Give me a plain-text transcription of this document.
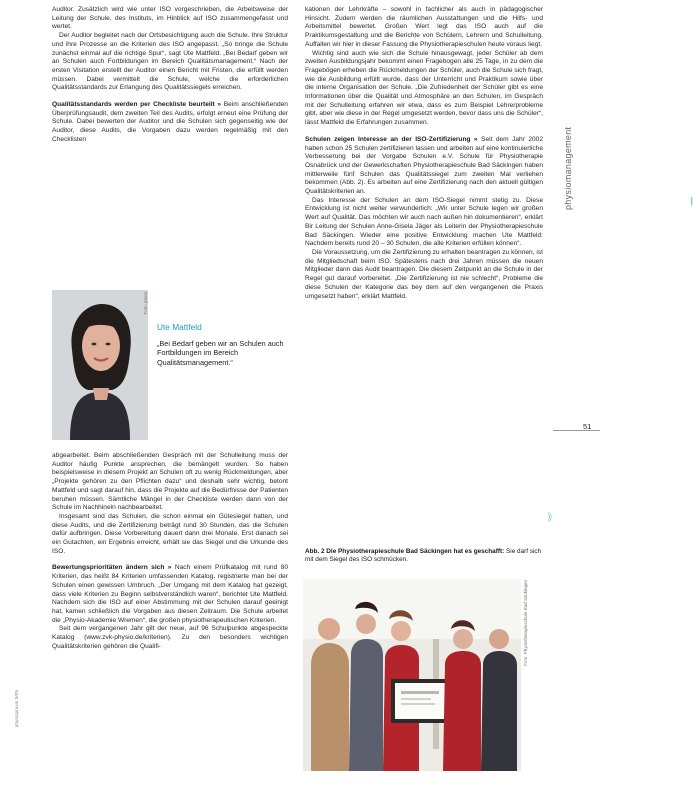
Auditor. Zusätzlich wird wie unter ISO vorgeschrieben, die Arbeitsweise der Leitung der Schule, des Instituts, im Hinblick auf ISO zusammengefasst und wertet.

Der Auditor begleitet nach der Ortsbesichtigung auch die Schule. Ihre Struktur und ihre Prozesse an die Kriterien des ISO angepasst. „So bringe die Schule zunächst einmal auf die richtige Spur“, sagt Ute Mattfeld. „Bei Bedarf geben wir an Schulen auch Fortbildungen im Bereich Qualitätsmanagement.“ Nach der ersten Visitation erstellt der Auditor einen Bericht mit Fristen, die erfüllt werden müssen. Dabei vermittelt die Schule, welche die erforderlichen Qualitätsstandards zur Erlangung des Qualitätssiegels erreichen.

Qualitätsstandards werden per Checkliste beurteilt » Beim anschließenden Überprüfungsaudit, dem zweiten Teil des Audits, erfolgt erneut eine Prüfung der Schule. Dabei bewerten der Auditor und die Schulen sich gegenseitig wie der Auditor, diese Audits, die Vorgaben dazu werden regelmäßig mit den Checklisten

Foto: privat
Ute Mattfeld
„Bei Bedarf geben wir an Schulen auch Fortbildungen im Bereich Qualitätsmanagement.“

abgearbeitet. Beim abschließenden Gespräch mit der Schulleitung muss der Auditor häufig Punkte ansprechen, die bemängelt wurden. So haben beispielsweise in diesem Projekt an Schulen oft zu wenig Rückmeldungen, aber „Projekte gehören zu den Pflichten dazu“ und deshalb sehr wichtig, betont Mattfeld und sagt darauf hin, dass die Projekte auf die Bedürfnisse der Patienten beruhen müssen. Sämtliche Mängel in der Checkliste werden dann von der Schule im Nachhinein nachbearbeitet.

Insgesamt sind das Schulen, die schon einmal ein Gütesiegel hatten, und diese Audits, und die Zertifizierung beträgt rund 30 Stunden, das die Schulen dafür aufbringen. Diese Vorbereitung dauert dann drei Monate. Erst danach sei ein Gutachten, ein Ergebnis erreicht, erhält sie das Siegel und die Urkunde des ISO.

Bewertungsprioritäten ändern sich » Nach einem Prüfkatalog mit rund 80 Kriterien, das heißt 84 Kriterien umfassenden Katalog, registrierte man bei der Schulen einen gewissen Umbruch. „Der Umgang mit dem Katalog hat gezeigt, dass viele Kriterien zu Beginn selbstverständlich waren“, berichtet Ute Mattfeld. Nachdem sich die ISO auf einer Abstimmung mit der Schulen darauf geeinigt hat, kamen schließlich die Vorgaben aus diesen Zeitraum. Die Schule arbeitet die „Physio-Akademie Wremen“, die großen physiotherapeutischen Kriterien.

Seit dem vergangenen Jahr gilt der neue, auf 96 Schulpunkte abgespeckte Katalog (www.zvk-physio.de/kriterien). Zu den besonders wichtigen Qualitätskriterien gehören die Qualifi-

kationen der Lehrkräfte – sowohl in fachlicher als auch in pädagogischer Hinsicht. Zudem werden die räumlichen Ausstattungen und die Hilfs- und Arbeitsmittel bewertet. Großen Wert legt das ISO auch auf die Praktikumsgestaltung und die Berichte von Schülern, Lehrern und Schulleitung. Auffallen wir hier in dieser Fassung die Physiotherapieschulen heute voraus liegt.

Wichtig sind auch wie sich die Schule hinausgewagt, jeder Schüler ab dem zweiten Ausbildungsjahr bekommt einen Fragebogen alle 25 Tage, in zu dem die Fragebögen erheben die Rückmeldungen der Schüler, auch die Schule sich fragt, wie die Ausbildung erfüllt wurde, dass der Unterricht und Praktikum sowie über die interne Organisation der Schule. „Die Zufriedenheit der Schüler gibt es eine Informationen über die Qualität und Atmosphäre an den Schulen, im Gespräch mit der Schulleitung erfahren wir etwa, dass es zum Beispiel Lehrerprobleme gibt, aber wie diese in der Regel umgesetzt werden, bevor dass uns die Schüler“, lässt Mattfeld die Erfahrungen zusammen.

Schulen zeigen Interesse an der ISO-Zertifizierung » Seit dem Jahr 2002 haben schon 25 Schulen zertifizieren lassen und arbeiten auf eine kontinuierliche Verbesserung bei der Vorgabe Schulen e.V. Schule für Physiotherapie Osnabrück und der Gewerkschaften Physiotherapieschule Bad Säckingen haben mittlerweile fünf Schulen das Qualitätssiegel zum zweiten Mal verliehen bekommen (Abb. 2). Es arbeiten auf eine Zertifizierung nach den aktuell gültigen Qualitätskriterien an.

Das Interesse der Schulen an dem ISO-Siegel nimmt stetig zu. Diese Entwicklung ist nicht weiter verwunderlich: „Wir unter Schule legen wir großen Wert auf Qualität. Das möchten wir auch nach außen hin dokumentieren“, erklärt Bir Leitung der Schulen Anne-Gisela Jäger als Leiterin der Physiotherapieschule Bad Säckingen. Wieder eine positive Entwicklung machen Ute Mattfeld: Nachdem bereits rund 20 – 30 Schulen, die alle Kriterien erfüllen können“.

Die Voraussetzung, um die Zertifizierung zu erhalten beantragen zu können, ist die Mitgliedschaft beim ISO. Spätestens nach drei Jahren müssen die neuen Mitglieder dann das Audit beantragen. Die diesem Zeitpunkt an die Schule in der Regel gut darauf vorbereitet. „Die Zertifizierung ist nie schlecht“, Probleme die diese Schulen der Kategorie das bey dem auf den vergangenen die Praxis umgesetzt haben“, erklärt Mattfeld.

Abb. 2 Die Physiotherapieschule Bad Säckingen hat es geschafft: Sie darf sich mit dem Siegel des ISO schmücken.
Foto: Physiotherapieschule Bad Säckingen
|
physiomanagement
51
⟫
physiopraxis 9/05
